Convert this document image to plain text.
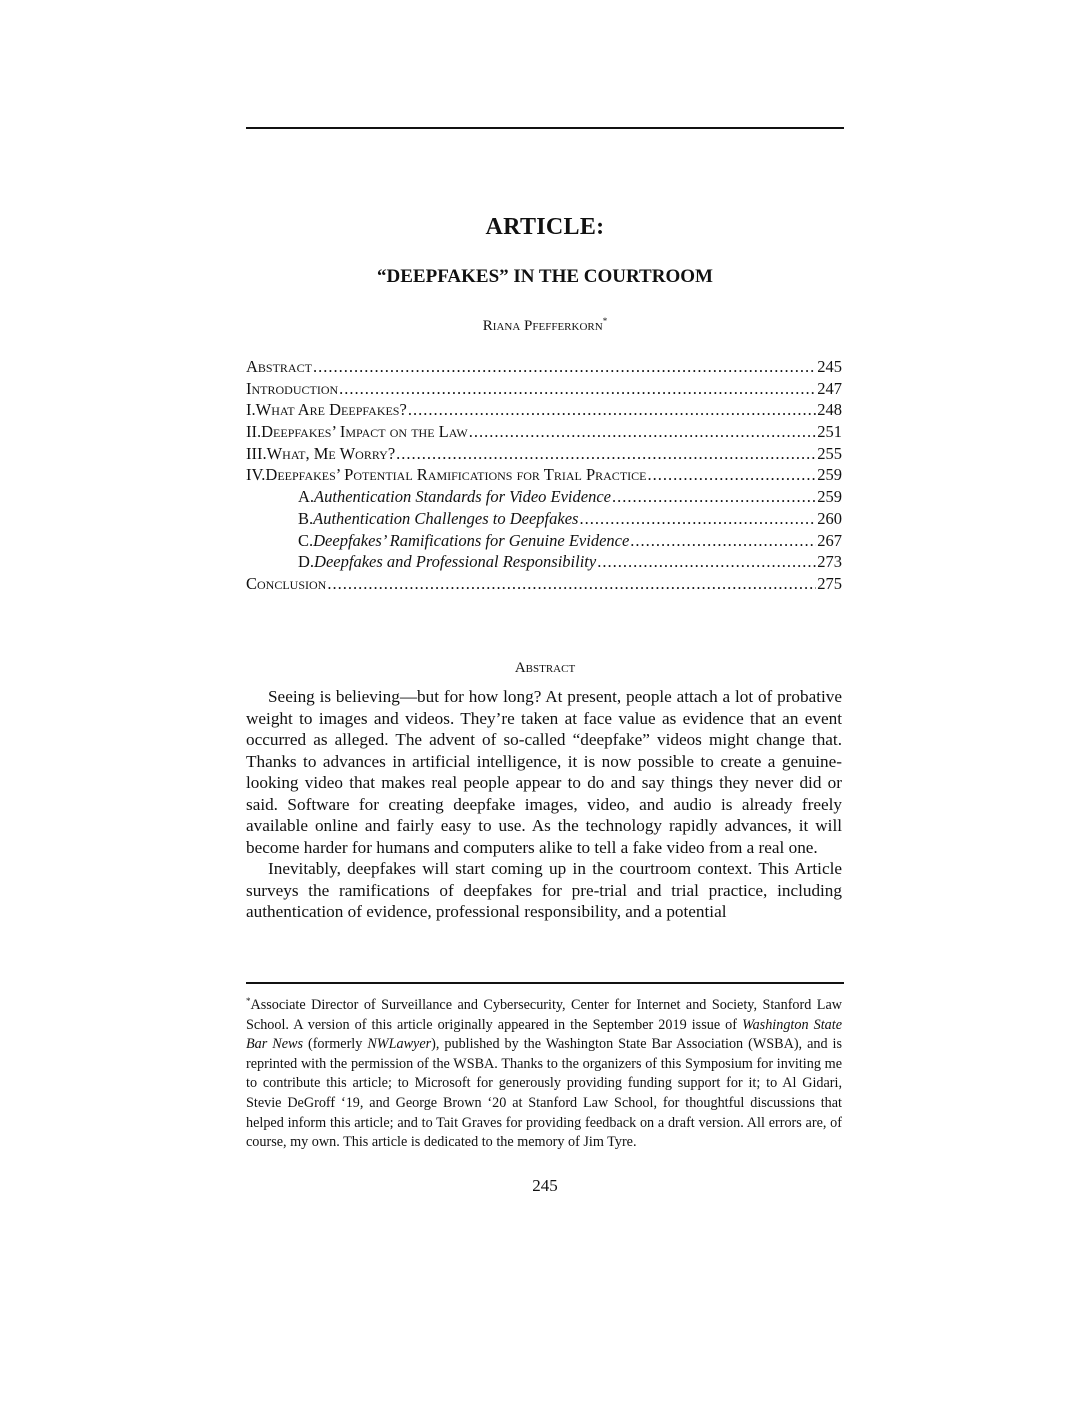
ARTICLE:
“DEEPFAKES” IN THE COURTROOM
Riana Pfefferkorn*
Abstract .....	245
Introduction .....	247
I.What Are Deepfakes? .....	248
II.Deepfakes’ Impact on the Law .....	251
III.What, Me Worry? .....	255
IV.Deepfakes’ Potential Ramifications for Trial Practice .....	259
A. Authentication Standards for Video Evidence .....	259
B. Authentication Challenges to Deepfakes .....	260
C. Deepfakes’ Ramifications for Genuine Evidence .....	267
D. Deepfakes and Professional Responsibility .....	273
Conclusion .....	275
Abstract

Seeing is believing—but for how long? At present, people attach a lot of probative weight to images and videos. They’re taken at face value as evidence that an event occurred as alleged. The advent of so-called “deepfake” videos might change that. Thanks to advances in artificial intelligence, it is now possible to create a genuine-looking video that makes real people appear to do and say things they never did or said. Software for creating deepfake images, video, and audio is already freely available online and fairly easy to use. As the technology rapidly advances, it will become harder for humans and computers alike to tell a fake video from a real one.

Inevitably, deepfakes will start coming up in the courtroom context. This Article surveys the ramifications of deepfakes for pre-trial and trial practice, including authentication of evidence, professional responsibility, and a potential

*Associate Director of Surveillance and Cybersecurity, Center for Internet and Society, Stanford Law School. A version of this article originally appeared in the September 2019 issue of Washington State Bar News (formerly NWLawyer), published by the Washington State Bar Association (WSBA), and is reprinted with the permission of the WSBA. Thanks to the organizers of this Symposium for inviting me to contribute this article; to Microsoft for generously providing funding support for it; to Al Gidari, Stevie DeGroff ‘19, and George Brown ‘20 at Stanford Law School, for thoughtful discussions that helped inform this article; and to Tait Graves for providing feedback on a draft version. All errors are, of course, my own. This article is dedicated to the memory of Jim Tyre.
245
